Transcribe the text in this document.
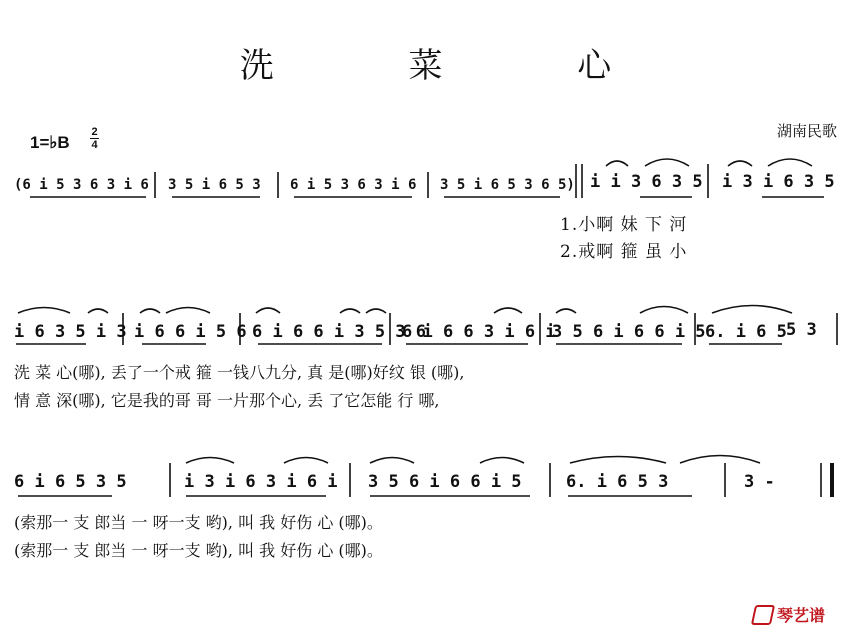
洗 菜 心
湖南民歌
1=♭B
2
4
(6 i 5 3 6 3 i 6 3 5 i 6 5 3 6 i 5 3 6 3 i 6 3 5 i 6 5 3 6 5) i i 3 6 3 5 i 3 i 6 3 5
1.小啊 妹 下 河
2.戒啊 箍 虽 小
i 6 3 5 i 3 i 6 6 i 5 6 6 i 6 6 i 3 5 3 6
6 i 6 6 3 i 6 i
3 5 6 i 6 6 i 5 6. i 6 5 5 3
洗 菜 心(哪), 丢了一个戒 箍 一钱八九分, 真 是(哪)好纹 银 (哪),
情 意 深(哪), 它是我的哥 哥 一片那个心, 丢 了它怎能 行 哪,
6 i 6 5 3 5	i 3 i 6 3 i 6 i 3 5 6 i 6 6 i 5	6. i 6 5 3	3 -
(索那一 支 郎当 一 呀一支 哟), 叫 我 好伤 心 (哪)。
(索那一 支 郎当 一 呀一支 哟), 叫 我 好伤 心 (哪)。
琴艺谱
